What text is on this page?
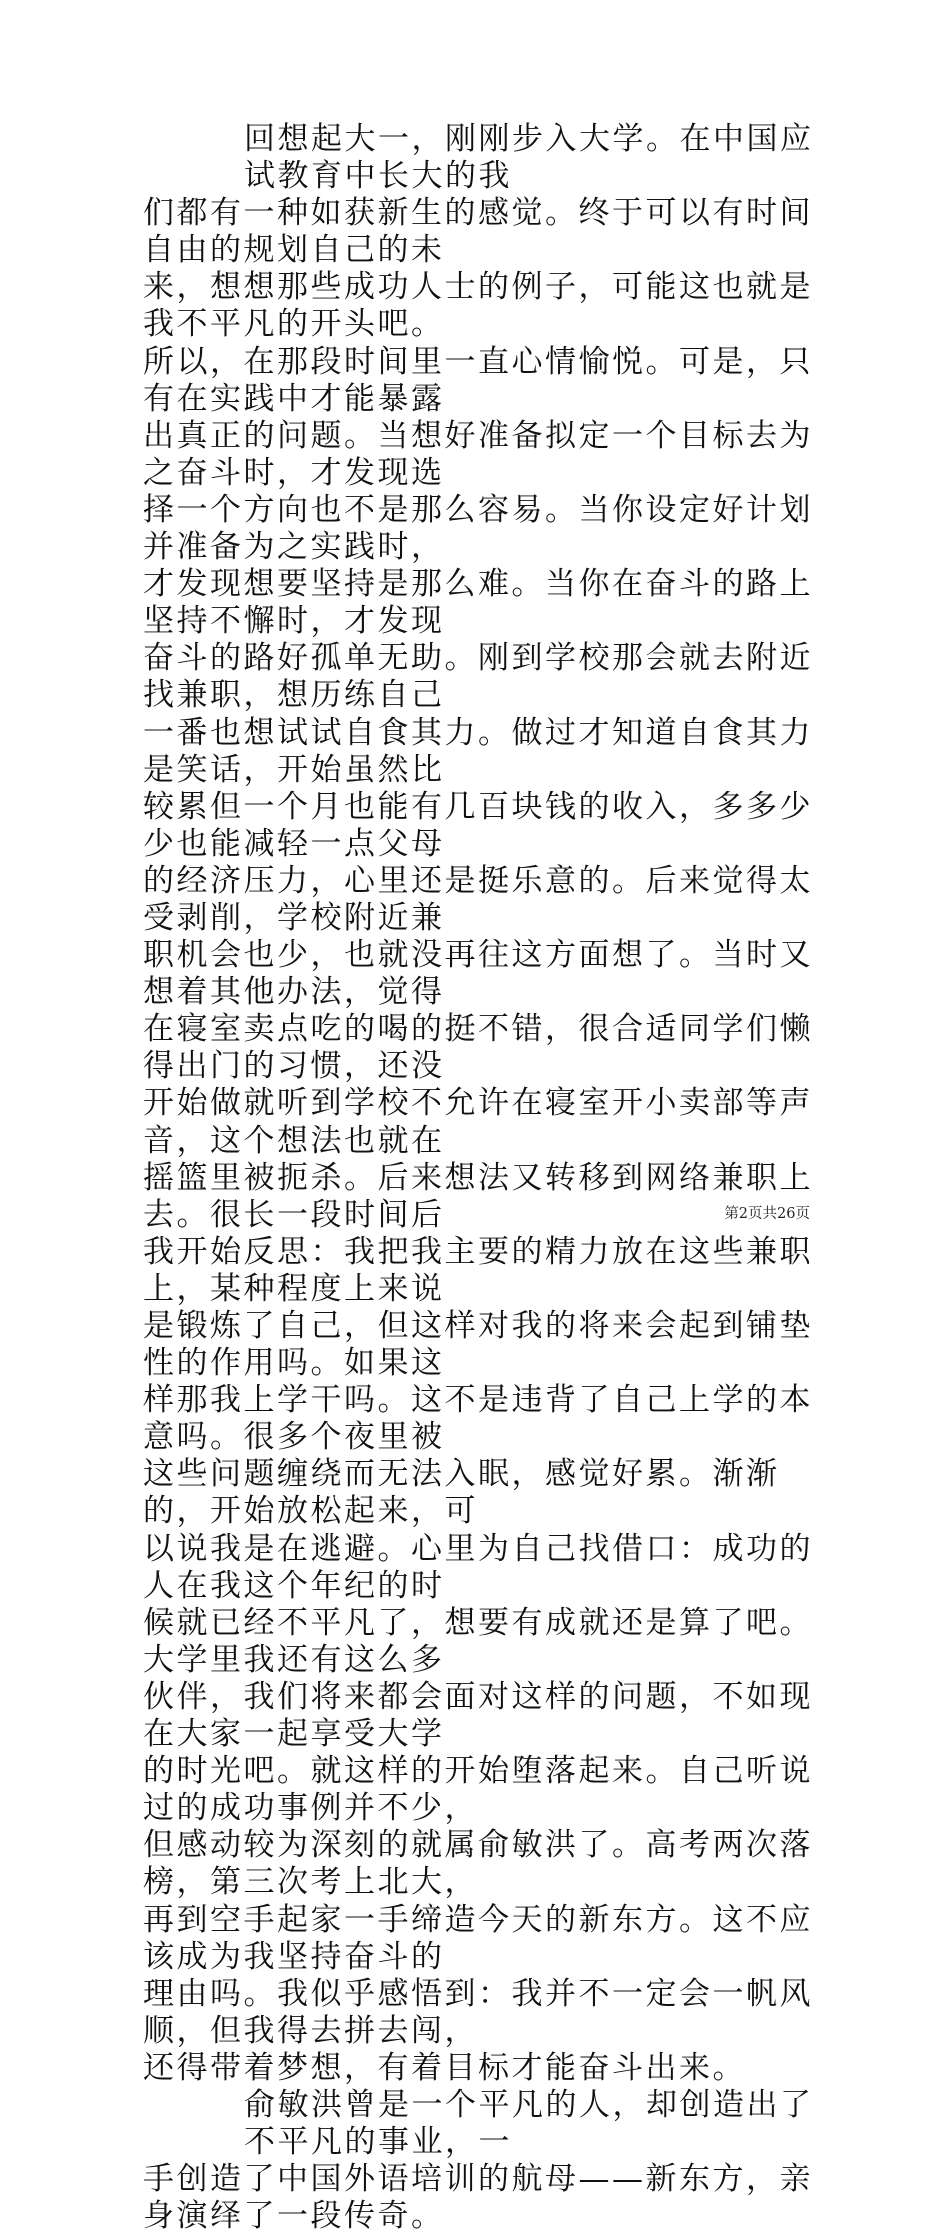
回想起大一，刚刚步入大学。在中国应试教育中长大的我
们都有一种如获新生的感觉。终于可以有时间自由的规划自己的未
来，想想那些成功人士的例子，可能这也就是我不平凡的开头吧。
所以，在那段时间里一直心情愉悦。可是，只有在实践中才能暴露
出真正的问题。当想好准备拟定一个目标去为之奋斗时，才发现选
择一个方向也不是那么容易。当你设定好计划并准备为之实践时，
才发现想要坚持是那么难。当你在奋斗的路上坚持不懈时，才发现
奋斗的路好孤单无助。刚到学校那会就去附近找兼职，想历练自己
一番也想试试自食其力。做过才知道自食其力是笑话，开始虽然比
较累但一个月也能有几百块钱的收入，多多少少也能减轻一点父母
的经济压力，心里还是挺乐意的。后来觉得太受剥削，学校附近兼
职机会也少，也就没再往这方面想了。当时又想着其他办法，觉得
在寝室卖点吃的喝的挺不错，很合适同学们懒得出门的习惯，还没
开始做就听到学校不允许在寝室开小卖部等声音，这个想法也就在
摇篮里被扼杀。后来想法又转移到网络兼职上去。很长一段时间后
我开始反思：我把我主要的精力放在这些兼职上，某种程度上来说
是锻炼了自己，但这样对我的将来会起到铺垫性的作用吗。如果这
样那我上学干吗。这不是违背了自己上学的本意吗。很多个夜里被
这些问题缠绕而无法入眠，感觉好累。渐渐的，开始放松起来，可
以说我是在逃避。心里为自己找借口：成功的人在我这个年纪的时
候就已经不平凡了，想要有成就还是算了吧。大学里我还有这么多
伙伴，我们将来都会面对这样的问题，不如现在大家一起享受大学
的时光吧。就这样的开始堕落起来。自己听说过的成功事例并不少，
但感动较为深刻的就属俞敏洪了。高考两次落榜，第三次考上北大，
再到空手起家一手缔造今天的新东方。这不应该成为我坚持奋斗的
理由吗。我似乎感悟到：我并不一定会一帆风顺，但我得去拼去闯，
还得带着梦想，有着目标才能奋斗出来。
俞敏洪曾是一个平凡的人，却创造出了不平凡的事业，一
手创造了中国外语培训的航母——新东方，亲身演绎了一段传奇。
第2页共26页
